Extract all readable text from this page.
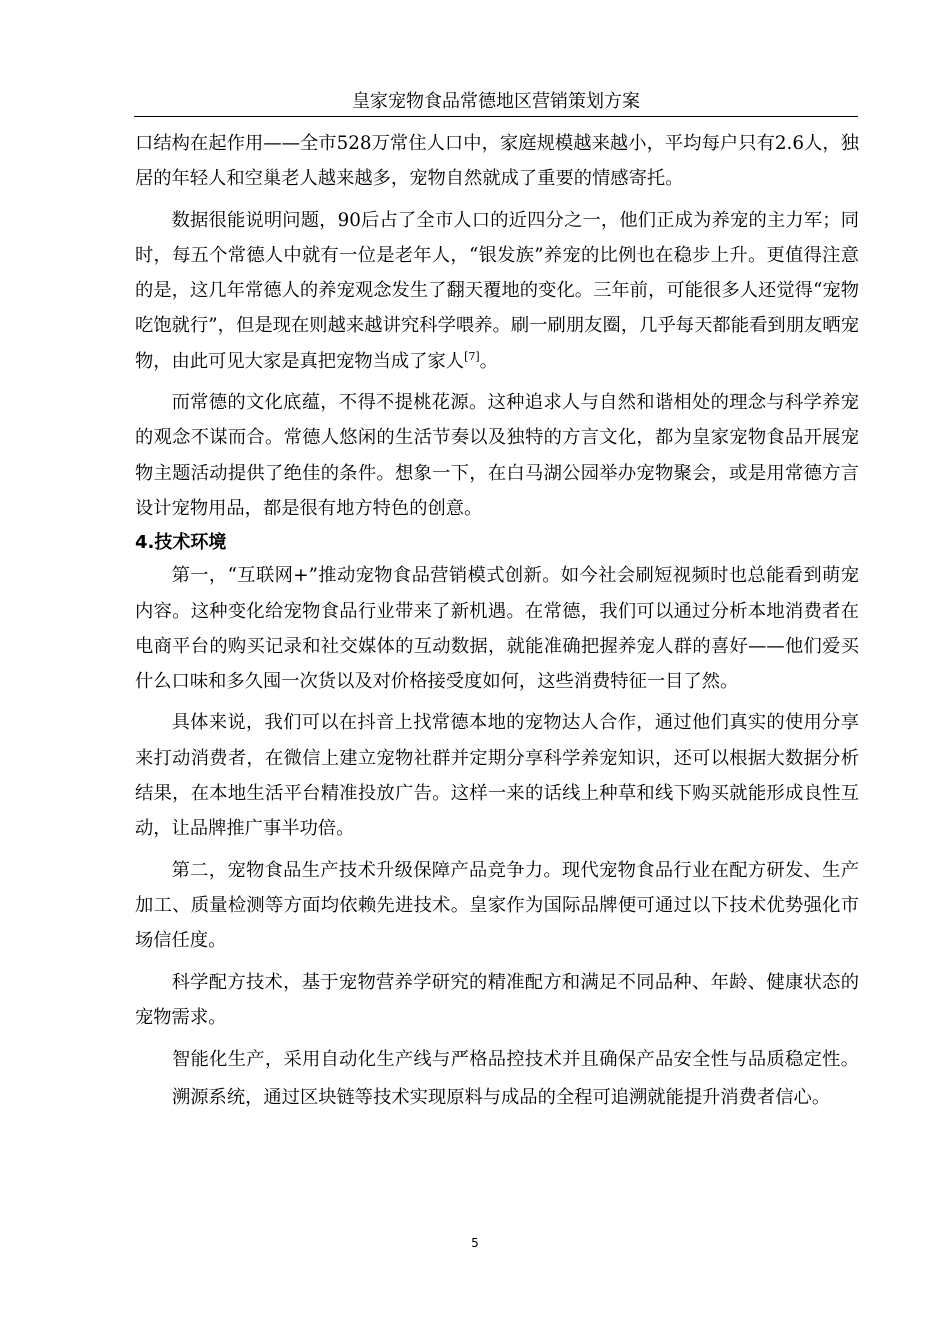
皇家宠物食品常德地区营销策划方案

口结构在起作用——全市528万常住人口中，家庭规模越来越小，平均每户只有2.6人，独居的年轻人和空巢老人越来越多，宠物自然就成了重要的情感寄托。

数据很能说明问题，90后占了全市人口的近四分之一，他们正成为养宠的主力军；同时，每五个常德人中就有一位是老年人，“银发族”养宠的比例也在稳步上升。更值得注意的是，这几年常德人的养宠观念发生了翻天覆地的变化。三年前，可能很多人还觉得“宠物吃饱就行”，但是现在则越来越讲究科学喂养。刷一刷朋友圈，几乎每天都能看到朋友晒宠物，由此可见大家是真把宠物当成了家人[7]。

而常德的文化底蕴，不得不提桃花源。这种追求人与自然和谐相处的理念与科学养宠的观念不谋而合。常德人悠闲的生活节奏以及独特的方言文化，都为皇家宠物食品开展宠物主题活动提供了绝佳的条件。想象一下，在白马湖公园举办宠物聚会，或是用常德方言设计宠物用品，都是很有地方特色的创意。

4.技术环境

第一，“互联网+”推动宠物食品营销模式创新。如今社会刷短视频时也总能看到萌宠内容。这种变化给宠物食品行业带来了新机遇。在常德，我们可以通过分析本地消费者在电商平台的购买记录和社交媒体的互动数据，就能准确把握养宠人群的喜好——他们爱买什么口味和多久囤一次货以及对价格接受度如何，这些消费特征一目了然。

具体来说，我们可以在抖音上找常德本地的宠物达人合作，通过他们真实的使用分享来打动消费者，在微信上建立宠物社群并定期分享科学养宠知识，还可以根据大数据分析结果，在本地生活平台精准投放广告。这样一来的话线上种草和线下购买就能形成良性互动，让品牌推广事半功倍。

第二，宠物食品生产技术升级保障产品竞争力。现代宠物食品行业在配方研发、生产加工、质量检测等方面均依赖先进技术。皇家作为国际品牌便可通过以下技术优势强化市场信任度。

科学配方技术，基于宠物营养学研究的精准配方和满足不同品种、年龄、健康状态的宠物需求。

智能化生产，采用自动化生产线与严格品控技术并且确保产品安全性与品质稳定性。溯源系统，通过区块链等技术实现原料与成品的全程可追溯就能提升消费者信心。

5
